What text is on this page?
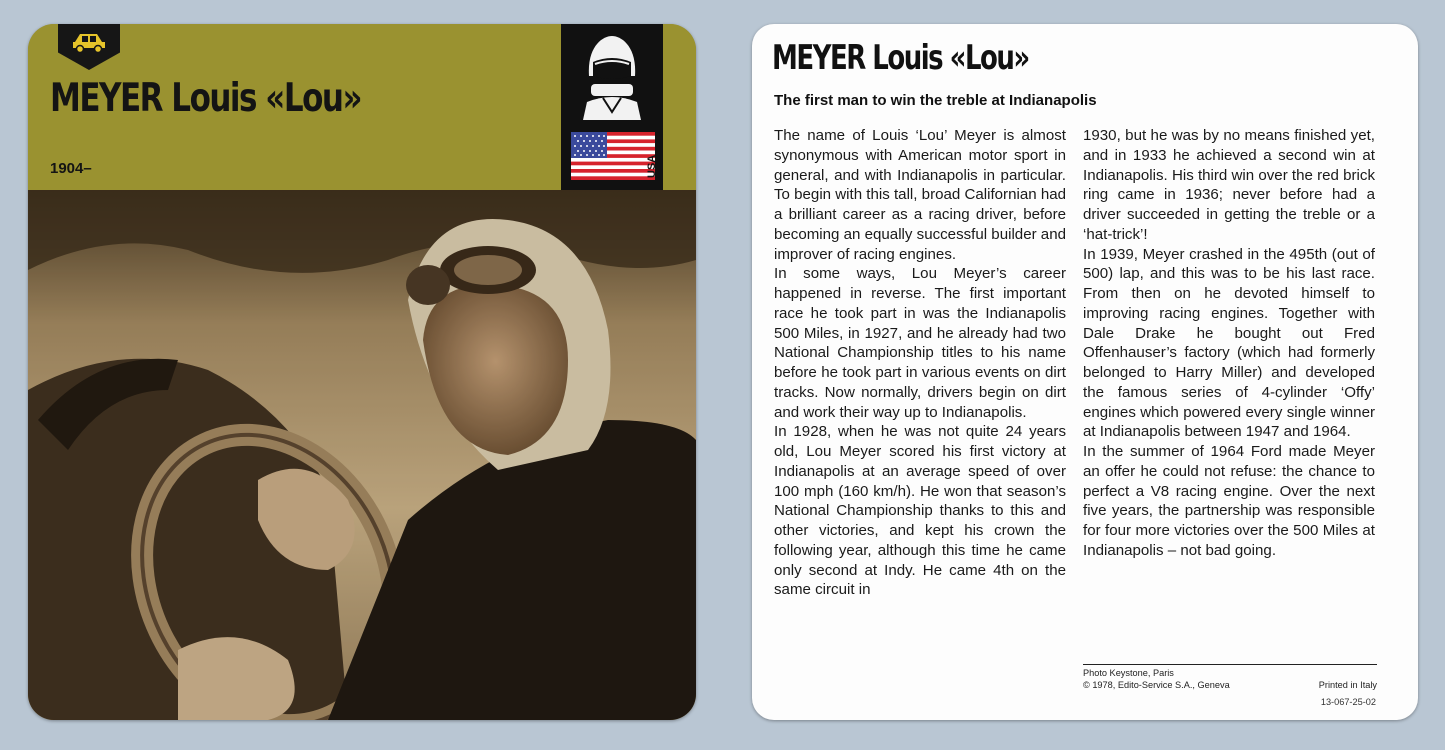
MEYER Louis «Lou»
1904–	USA
MEYER Louis «Lou»
The first man to win the treble at Indianapolis

The name of Louis ‘Lou’ Meyer is almost synonymous with American motor sport in general, and with Indianapolis in particular. To begin with this tall, broad Californian had a brilliant career as a racing driver, before becoming an equally successful builder and improver of racing engines.

In some ways, Lou Meyer’s career happened in reverse. The first important race he took part in was the Indianapolis 500 Miles, in 1927, and he already had two National Championship titles to his name before he took part in various events on dirt tracks. Now normally, drivers begin on dirt and work their way up to Indianapolis.

In 1928, when he was not quite 24 years old, Lou Meyer scored his first victory at Indianapolis at an average speed of over 100 mph (160 km/h). He won that season’s National Championship thanks to this and other victories, and kept his crown the following year, although this time he came only second at Indy. He came 4th on the same circuit in

1930, but he was by no means finished yet, and in 1933 he achieved a second win at Indianapolis. His third win over the red brick ring came in 1936; never before had a driver succeeded in getting the treble or a ‘hat-trick’!

In 1939, Meyer crashed in the 495th (out of 500) lap, and this was to be his last race. From then on he devoted himself to improving racing engines. Together with Dale Drake he bought out Fred Offenhauser’s factory (which had formerly belonged to Harry Miller) and developed the famous series of 4-cylinder ‘Offy’ engines which powered every single winner at Indianapolis between 1947 and 1964.

In the summer of 1964 Ford made Meyer an offer he could not refuse: the chance to perfect a V8 racing engine. Over the next five years, the partnership was responsible for four more victories over the 500 Miles at Indianapolis – not bad going.

Photo Keystone, Paris
© 1978, Edito-Service S.A., Geneva	Printed in Italy
13-067-25-02
